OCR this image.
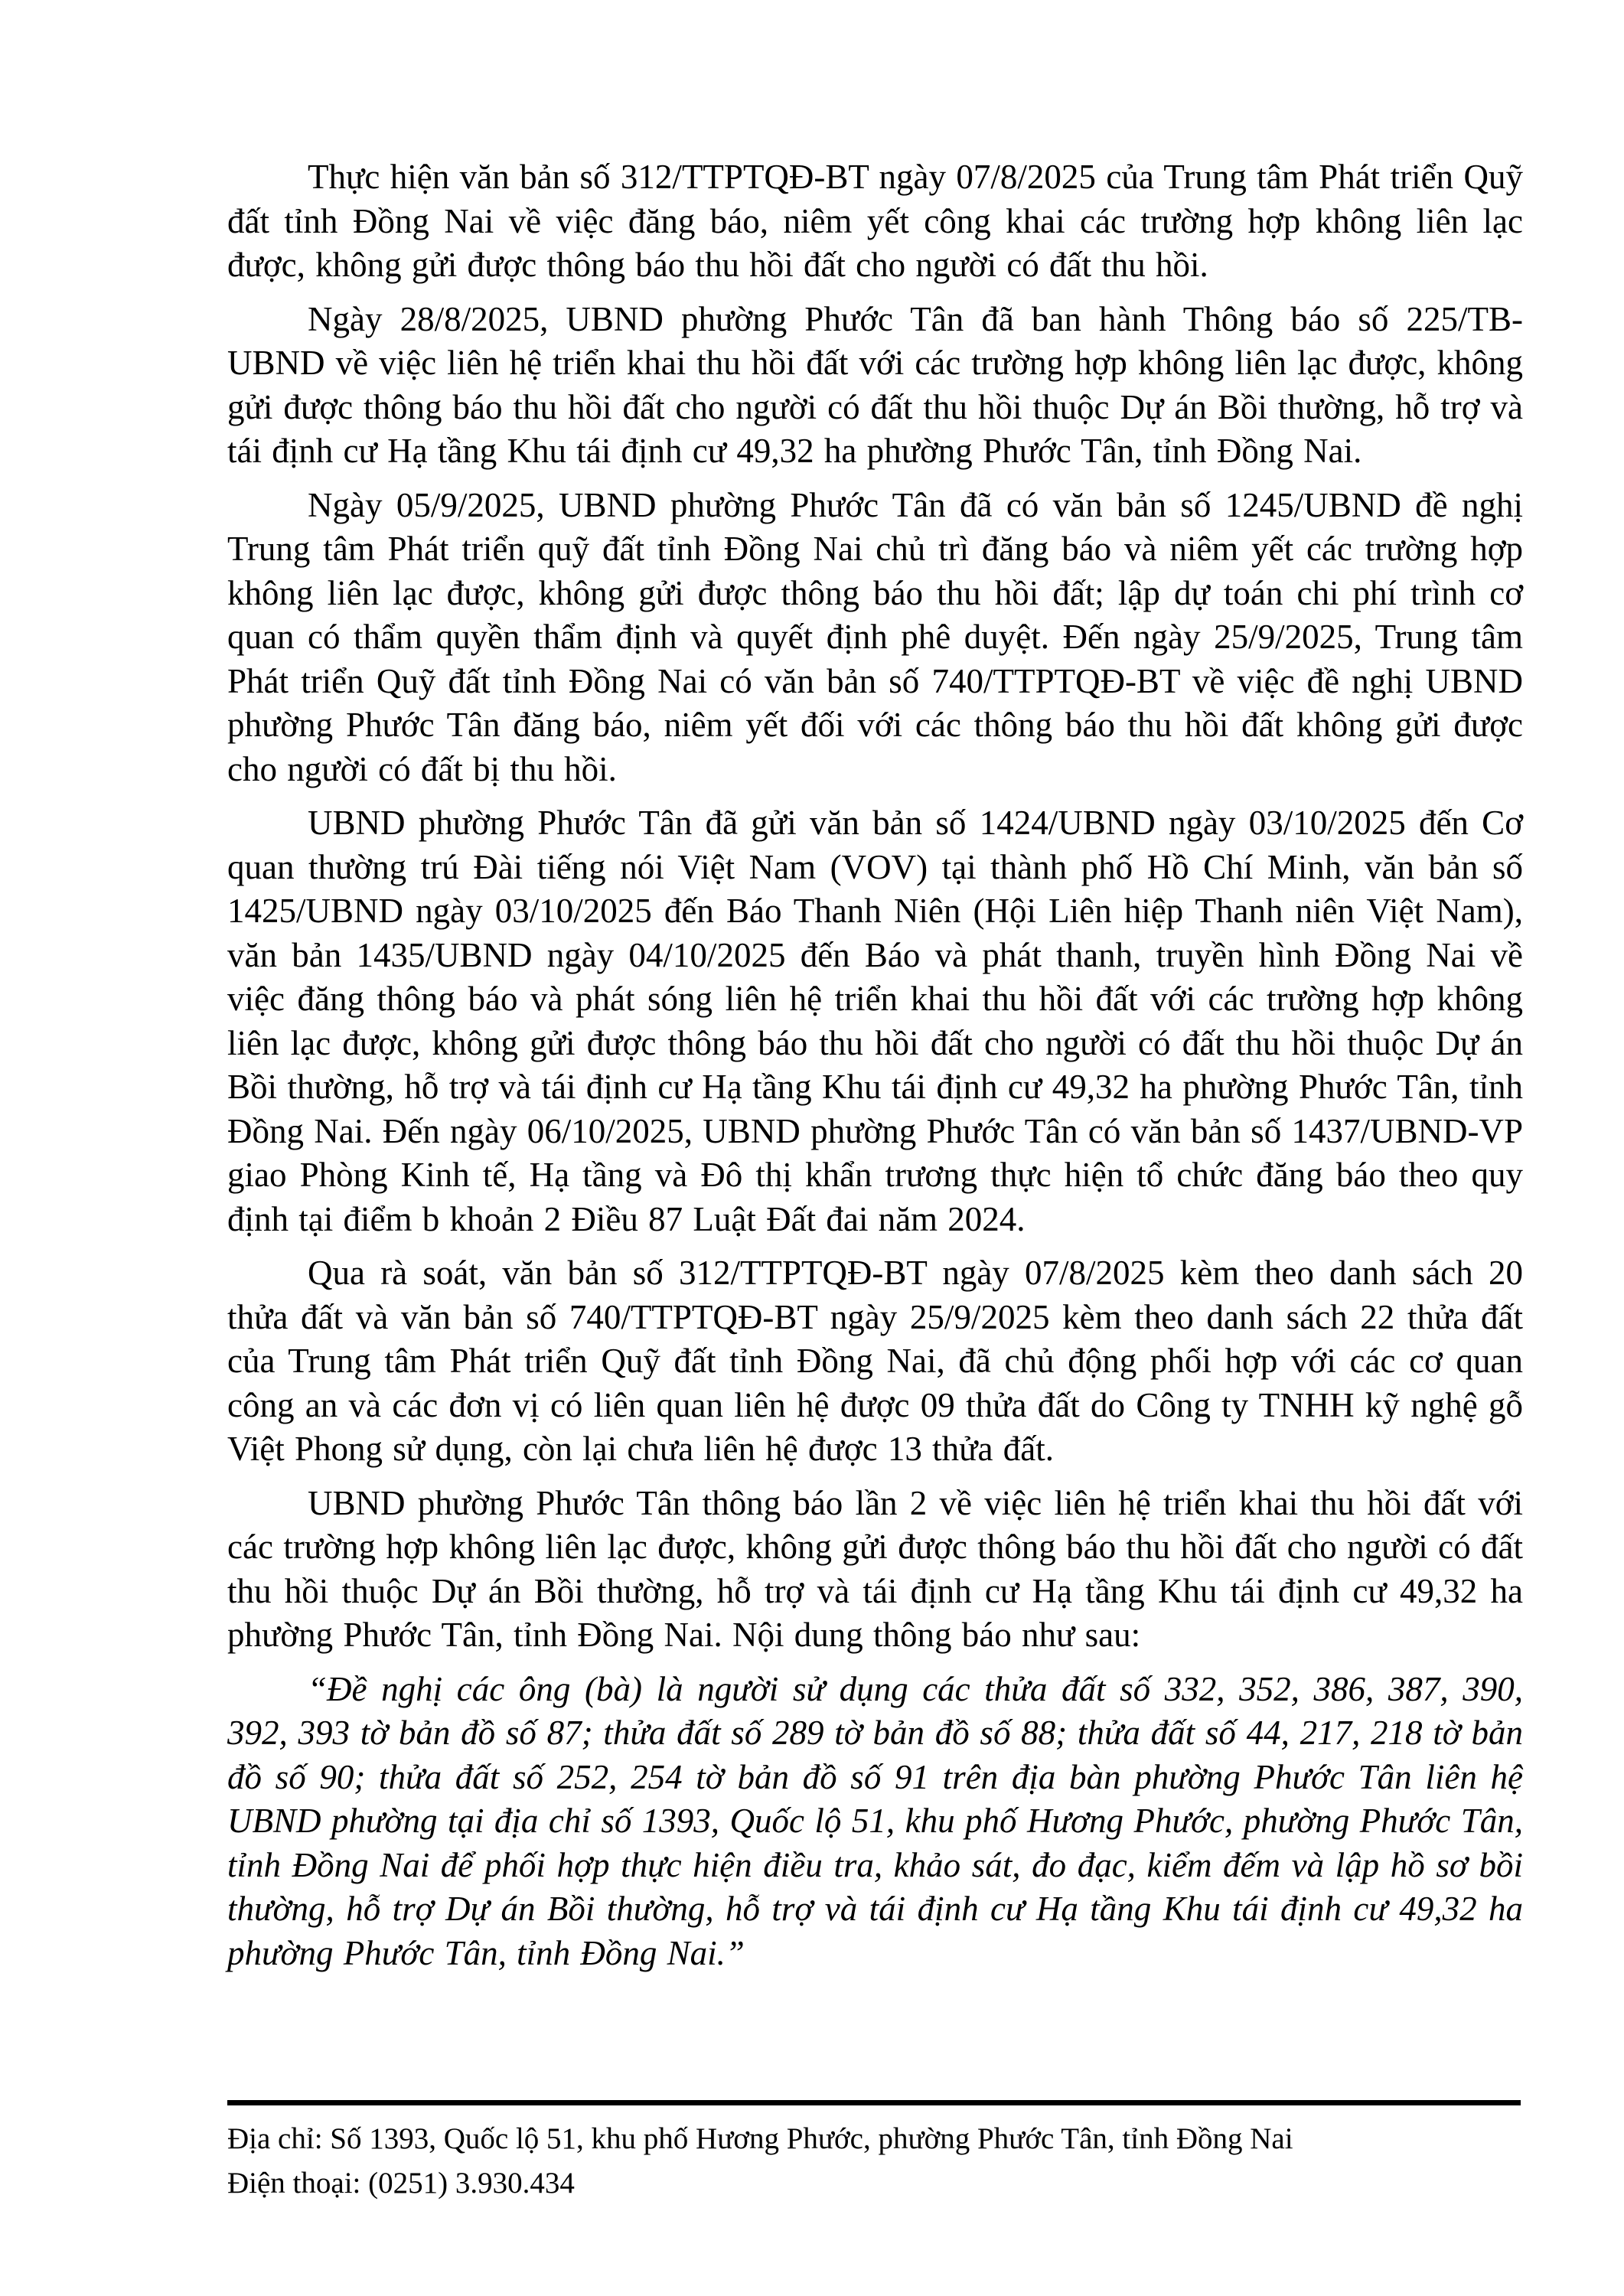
Thực hiện văn bản số 312/TTPTQĐ-BT ngày 07/8/2025 của Trung tâm Phát triển Quỹ đất tỉnh Đồng Nai về việc đăng báo, niêm yết công khai các trường hợp không liên lạc được, không gửi được thông báo thu hồi đất cho người có đất thu hồi.

Ngày 28/8/2025, UBND phường Phước Tân đã ban hành Thông báo số 225/TB-UBND về việc liên hệ triển khai thu hồi đất với các trường hợp không liên lạc được, không gửi được thông báo thu hồi đất cho người có đất thu hồi thuộc Dự án Bồi thường, hỗ trợ và tái định cư Hạ tầng Khu tái định cư 49,32 ha phường Phước Tân, tỉnh Đồng Nai.

Ngày 05/9/2025, UBND phường Phước Tân đã có văn bản số 1245/UBND đề nghị Trung tâm Phát triển quỹ đất tỉnh Đồng Nai chủ trì đăng báo và niêm yết các trường hợp không liên lạc được, không gửi được thông báo thu hồi đất; lập dự toán chi phí trình cơ quan có thẩm quyền thẩm định và quyết định phê duyệt. Đến ngày 25/9/2025, Trung tâm Phát triển Quỹ đất tỉnh Đồng Nai có văn bản số 740/TTPTQĐ-BT về việc đề nghị UBND phường Phước Tân đăng báo, niêm yết đối với các thông báo thu hồi đất không gửi được cho người có đất bị thu hồi.

UBND phường Phước Tân đã gửi văn bản số 1424/UBND ngày 03/10/2025 đến Cơ quan thường trú Đài tiếng nói Việt Nam (VOV) tại thành phố Hồ Chí Minh, văn bản số 1425/UBND ngày 03/10/2025 đến Báo Thanh Niên (Hội Liên hiệp Thanh niên Việt Nam), văn bản 1435/UBND ngày 04/10/2025 đến Báo và phát thanh, truyền hình Đồng Nai về việc đăng thông báo và phát sóng liên hệ triển khai thu hồi đất với các trường hợp không liên lạc được, không gửi được thông báo thu hồi đất cho người có đất thu hồi thuộc Dự án Bồi thường, hỗ trợ và tái định cư Hạ tầng Khu tái định cư 49,32 ha phường Phước Tân, tỉnh Đồng Nai. Đến ngày 06/10/2025, UBND phường Phước Tân có văn bản số 1437/UBND-VP giao Phòng Kinh tế, Hạ tầng và Đô thị khẩn trương thực hiện tổ chức đăng báo theo quy định tại điểm b khoản 2 Điều 87 Luật Đất đai năm 2024.

Qua rà soát, văn bản số 312/TTPTQĐ-BT ngày 07/8/2025 kèm theo danh sách 20 thửa đất và văn bản số 740/TTPTQĐ-BT ngày 25/9/2025 kèm theo danh sách 22 thửa đất của Trung tâm Phát triển Quỹ đất tỉnh Đồng Nai, đã chủ động phối hợp với các cơ quan công an và các đơn vị có liên quan liên hệ được 09 thửa đất do Công ty TNHH kỹ nghệ gỗ Việt Phong sử dụng, còn lại chưa liên hệ được 13 thửa đất.

UBND phường Phước Tân thông báo lần 2 về việc liên hệ triển khai thu hồi đất với các trường hợp không liên lạc được, không gửi được thông báo thu hồi đất cho người có đất thu hồi thuộc Dự án Bồi thường, hỗ trợ và tái định cư Hạ tầng Khu tái định cư 49,32 ha phường Phước Tân, tỉnh Đồng Nai. Nội dung thông báo như sau:

“Đề nghị các ông (bà) là người sử dụng các thửa đất số 332, 352, 386, 387, 390, 392, 393 tờ bản đồ số 87; thửa đất số 289 tờ bản đồ số 88; thửa đất số 44, 217, 218 tờ bản đồ số 90; thửa đất số 252, 254 tờ bản đồ số 91 trên địa bàn phường Phước Tân liên hệ UBND phường tại địa chỉ số 1393, Quốc lộ 51, khu phố Hương Phước, phường Phước Tân, tỉnh Đồng Nai để phối hợp thực hiện điều tra, khảo sát, đo đạc, kiểm đếm và lập hồ sơ bồi thường, hỗ trợ Dự án Bồi thường, hỗ trợ và tái định cư Hạ tầng Khu tái định cư 49,32 ha phường Phước Tân, tỉnh Đồng Nai.”

Địa chỉ: Số 1393, Quốc lộ 51, khu phố Hương Phước, phường Phước Tân, tỉnh Đồng Nai

Điện thoại: (0251) 3.930.434
